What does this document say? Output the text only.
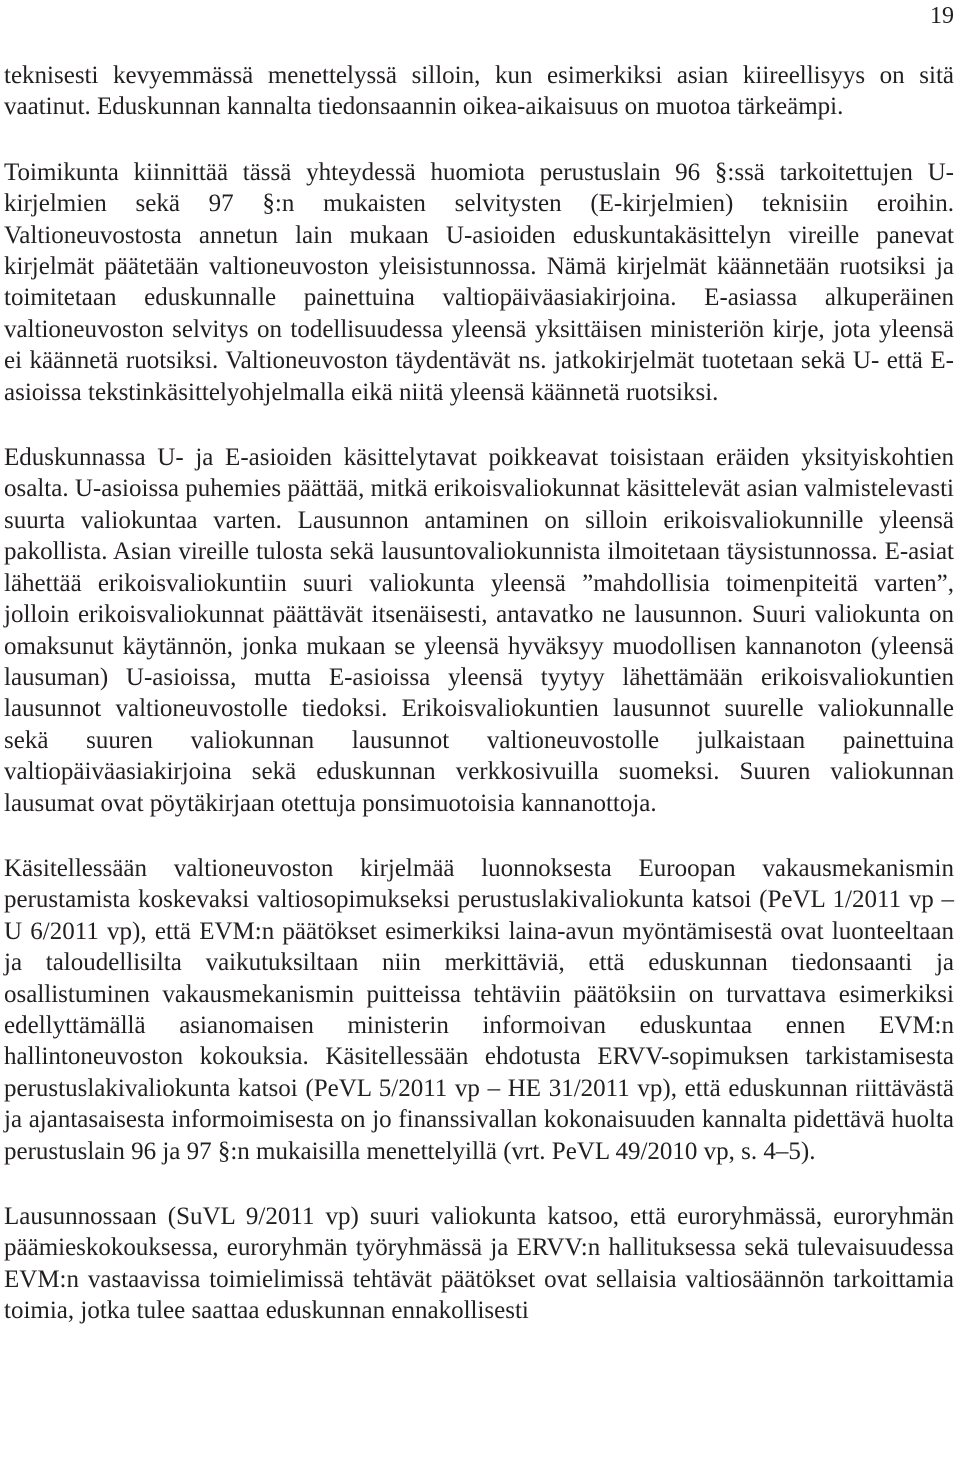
19

teknisesti kevyemmässä menettelyssä silloin, kun esimerkiksi asian kiireellisyys on sitä vaatinut. Eduskunnan kannalta tiedonsaannin oikea-aikaisuus on muotoa tärkeämpi.

Toimikunta kiinnittää tässä yhteydessä huomiota perustuslain 96 §:ssä tarkoitettujen U-kirjelmien sekä 97 §:n mukaisten selvitysten (E-kirjelmien) teknisiin eroihin. Valtioneuvostosta annetun lain mukaan U-asioiden eduskuntakäsittelyn vireille panevat kirjelmät päätetään valtioneuvoston yleisistunnossa. Nämä kirjelmät käännetään ruotsiksi ja toimitetaan eduskunnalle painettuina valtiopäiväasiakirjoina. E-asiassa alkuperäinen valtioneuvoston selvitys on todellisuudessa yleensä yksittäisen ministeriön kirje, jota yleensä ei käännetä ruotsiksi. Valtioneuvoston täydentävät ns. jatkokirjelmät tuotetaan sekä U- että E-asioissa tekstinkäsittelyohjelmalla eikä niitä yleensä käännetä ruotsiksi.

Eduskunnassa U- ja E-asioiden käsittelytavat poikkeavat toisistaan eräiden yksityiskohtien osalta. U-asioissa puhemies päättää, mitkä erikoisvaliokunnat käsittelevät asian valmistelevasti suurta valiokuntaa varten. Lausunnon antaminen on silloin erikoisvaliokunnille yleensä pakollista. Asian vireille tulosta sekä lausuntovaliokunnista ilmoitetaan täysistunnossa. E-asiat lähettää erikoisvaliokuntiin suuri valiokunta yleensä ”mahdollisia toimenpiteitä varten”, jolloin erikoisvaliokunnat päättävät itsenäisesti, antavatko ne lausunnon. Suuri valiokunta on omaksunut käytännön, jonka mukaan se yleensä hyväksyy muodollisen kannanoton (yleensä lausuman) U-asioissa, mutta E-asioissa yleensä tyytyy lähettämään erikoisvaliokuntien lausunnot valtioneuvostolle tiedoksi. Erikoisvaliokuntien lausunnot suurelle valiokunnalle sekä suuren valiokunnan lausunnot valtioneuvostolle julkaistaan painettuina valtiopäiväasiakirjoina sekä eduskunnan verkkosivuilla suomeksi. Suuren valiokunnan lausumat ovat pöytäkirjaan otettuja ponsimuotoisia kannanottoja.

Käsitellessään valtioneuvoston kirjelmää luonnoksesta Euroopan vakausmekanismin perustamista koskevaksi valtiosopimukseksi perustuslakivaliokunta katsoi (PeVL 1/2011 vp – U 6/2011 vp), että EVM:n päätökset esimerkiksi laina-avun myöntämisestä ovat luonteeltaan ja taloudellisilta vaikutuksiltaan niin merkittäviä, että eduskunnan tiedonsaanti ja osallistuminen vakausmekanismin puitteissa tehtäviin päätöksiin on turvattava esimerkiksi edellyttämällä asianomaisen ministerin informoivan eduskuntaa ennen EVM:n hallintoneuvoston kokouksia. Käsitellessään ehdotusta ERVV-sopimuksen tarkistamisesta perustuslakivaliokunta katsoi (PeVL 5/2011 vp – HE 31/2011 vp), että eduskunnan riittävästä ja ajantasaisesta informoimisesta on jo finanssivallan kokonaisuuden kannalta pidettävä huolta perustuslain 96 ja 97 §:n mukaisilla menettelyillä (vrt. PeVL 49/2010 vp, s. 4–5).

Lausunnossaan (SuVL 9/2011 vp) suuri valiokunta katsoo, että euroryhmässä, euroryhmän päämieskokouksessa, euroryhmän työryhmässä ja ERVV:n hallituksessa sekä tulevaisuudessa EVM:n vastaavissa toimielimissä tehtävät päätökset ovat sellaisia valtiosäännön tarkoittamia toimia, jotka tulee saattaa eduskunnan ennakollisesti
